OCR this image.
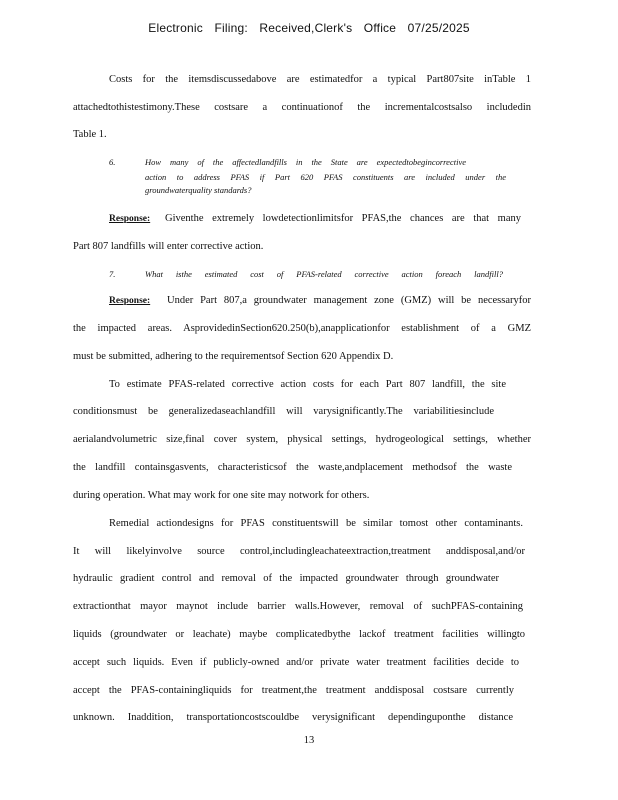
Electronic Filing: Received,Clerk's Office 07/25/2025
Costs for the itemsdiscussedabove are estimatedfor a typical Part807site inTable 1
attachedtothistestimony.These costsare a continuationof the incrementalcostsalso includedin
Table 1.
6.	How many of the affectedlandfills in the State are expectedtobegincorrective
action to address PFAS if Part 620 PFAS constituents are included under the
groundwaterquality standards?
Response:	Giventhe extremely lowdetectionlimitsfor PFAS,the chances are that many
Part 807 landfills will enter corrective action.
7.	What isthe estimated cost of PFAS-related corrective action foreach landfill?
Response:	Under Part 807,a groundwater management zone (GMZ) will be necessaryfor
the impacted areas. AsprovidedinSection620.250(b),anapplicationfor establishment of a GMZ
must be submitted, adhering to the requirementsof Section 620 Appendix D.
To estimate PFAS-related corrective action costs for each Part 807 landfill, the site
conditionsmust be generalizedaseachlandfill will varysignificantly.The variabilitiesinclude
aerialandvolumetric size,final cover system, physical settings, hydrogeological settings, whether
the landfill containsgasvents, characteristicsof the waste,andplacement methodsof the waste
during operation. What may work for one site may notwork for others.
Remedial actiondesigns for PFAS constituentswill be similar tomost other contaminants.
It will likelyinvolve source control,includingleachateextraction,treatment anddisposal,and/or
hydraulic gradient control and removal of the impacted groundwater through groundwater
extractionthat mayor maynot include barrier walls.However, removal of suchPFAS-containing
liquids (groundwater or leachate) maybe complicatedbythe lackof treatment facilities willingto
accept such liquids. Even if publicly-owned and/or private water treatment facilities decide to
accept the PFAS-containingliquids for treatment,the treatment anddisposal costsare currently
unknown. Inaddition, transportationcostscouldbe verysignificant dependinguponthe distance
13
